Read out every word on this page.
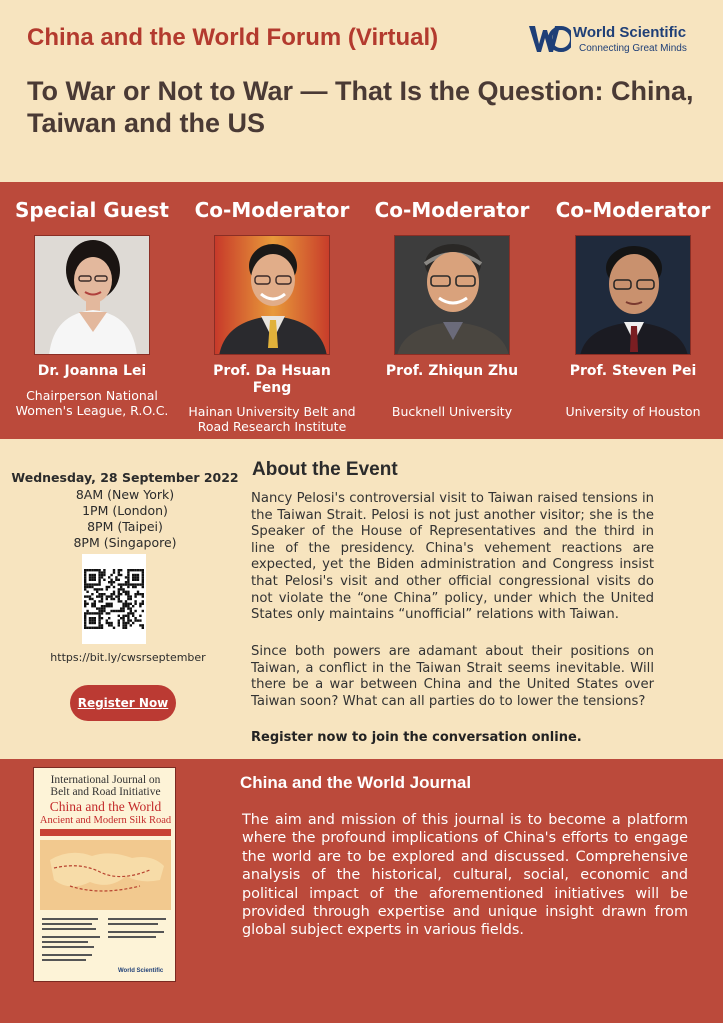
China and the World Forum (Virtual)	World Scientific
Connecting Great Minds
To War or Not to War — That Is the Question: China, Taiwan and the US
Special Guest
Dr. Joanna Lei
Chairperson National Women's League, R.O.C.
Co-Moderator
Prof. Da Hsuan Feng
Hainan University Belt and Road Research Institute
Co-Moderator
Prof. Zhiqun Zhu
Bucknell University
Co-Moderator
Prof. Steven Pei
University of Houston
Wednesday, 28 September 2022
8AM (New York)
1PM (London)
8PM (Taipei)
8PM (Singapore)
https://bit.ly/cwsrseptember
Register Now
About the Event
Nancy Pelosi's controversial visit to Taiwan raised tensions in the Taiwan Strait. Pelosi is not just another visitor; she is the Speaker of the House of Representatives and the third in line of the presidency. China's vehement reactions are expected, yet the Biden administration and Congress insist that Pelosi's visit and other official congressional visits do not violate the “one China” policy, under which the United States only maintains “unofficial” relations with Taiwan.
Since both powers are adamant about their positions on Taiwan, a conflict in the Taiwan Strait seems inevitable. Will there be a war between China and the United States over Taiwan soon? What can all parties do to lower the tensions?
Register now to join the conversation online.
International Journal on
Belt and Road Initiative
China and the World
Ancient and Modern Silk Road
World Scientific
China and the World Journal
The aim and mission of this journal is to become a platform where the profound implications of China's efforts to engage the world are to be explored and discussed. Comprehensive analysis of the historical, cultural, social, economic and political impact of the aforementioned initiatives will be provided through expertise and unique insight drawn from global subject experts in various fields.
